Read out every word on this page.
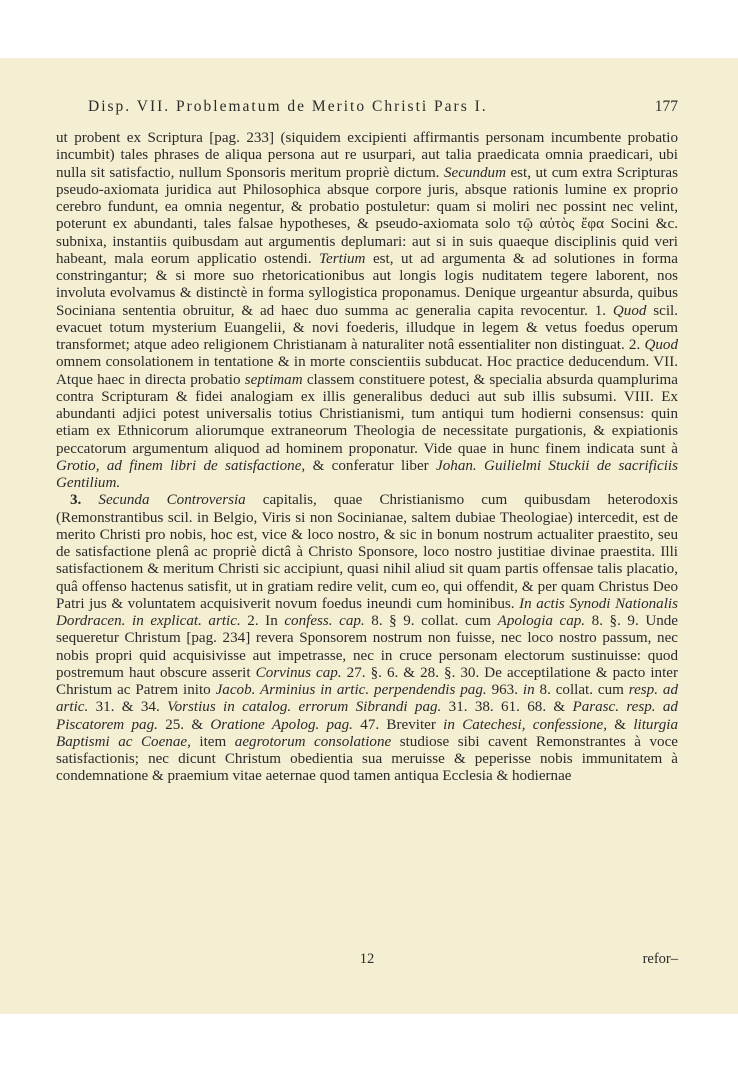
Disp. VII. Problematum de Merito Christi Pars I.	177

ut probent ex Scriptura [pag. 233] (siquidem excipienti affirmantis personam incumbente probatio incumbit) tales phrases de aliqua persona aut re usurpari, aut talia praedicata omnia praedicari, ubi nulla sit satisfactio, nullum Sponsoris meritum propriè dictum. Secundum est, ut cum extra Scripturas pseudo-axiomata juridica aut Philosophica absque corpore juris, absque rationis lumine ex proprio cerebro fundunt, ea omnia negentur, & probatio postuletur: quam si moliri nec possint nec velint, poterunt ex abundanti, tales falsae hypotheses, & pseudo-axiomata solo τῷ αὐτὸς ἔφα Socini &c. subnixa, instantiis quibusdam aut argumentis deplumari: aut si in suis quaeque disciplinis quid veri habeant, mala eorum applicatio ostendi. Tertium est, ut ad argumenta & ad solutiones in forma constringantur; & si more suo rhetoricationibus aut longis logis nuditatem tegere laborent, nos involuta evolvamus & distinctè in forma syllogistica proponamus. Denique urgeantur absurda, quibus Sociniana sententia obruitur, & ad haec duo summa ac generalia capita revocentur. 1. Quod scil. evacuet totum mysterium Euangelii, & novi foederis, illudque in legem & vetus foedus operum transformet; atque adeo religionem Christianam à naturaliter notâ essentialiter non distinguat. 2. Quod omnem consolationem in tentatione & in morte conscientiis subducat. Hoc practice deducendum. VII. Atque haec in directa probatio septimam classem constituere potest, & specialia absurda quamplurima contra Scripturam & fidei analogiam ex illis generalibus deduci aut sub illis subsumi. VIII. Ex abundanti adjici potest universalis totius Christianismi, tum antiqui tum hodierni consensus: quin etiam ex Ethnicorum aliorumque extraneorum Theologia de necessitate purgationis, & expiationis peccatorum argumentum aliquod ad hominem proponatur. Vide quae in hunc finem indicata sunt à Grotio, ad finem libri de satisfactione, & conferatur liber Johan. Guilielmi Stuckii de sacrificiis Gentilium.

3. Secunda Controversia capitalis, quae Christianismo cum quibusdam heterodoxis (Remonstrantibus scil. in Belgio, Viris si non Socinianae, saltem dubiae Theologiae) intercedit, est de merito Christi pro nobis, hoc est, vice & loco nostro, & sic in bonum nostrum actualiter praestito, seu de satisfactione plenâ ac propriè dictâ à Christo Sponsore, loco nostro justitiae divinae praestita. Illi satisfactionem & meritum Christi sic accipiunt, quasi nihil aliud sit quam partis offensae talis placatio, quâ offenso hactenus satisfit, ut in gratiam redire velit, cum eo, qui offendit, & per quam Christus Deo Patri jus & voluntatem acquisiverit novum foedus ineundi cum hominibus. In actis Synodi Nationalis Dordracen. in explicat. artic. 2. In confess. cap. 8. § 9. collat. cum Apologia cap. 8. §. 9. Unde sequeretur Christum [pag. 234] revera Sponsorem nostrum non fuisse, nec loco nostro passum, nec nobis propri quid acquisivisse aut impetrasse, nec in cruce personam electorum sustinuisse: quod postremum haut obscure asserit Corvinus cap. 27. §. 6. & 28. §. 30. De acceptilatione & pacto inter Christum ac Patrem inito Jacob. Arminius in artic. perpendendis pag. 963. in 8. collat. cum resp. ad artic. 31. & 34. Vorstius in catalog. errorum Sibrandi pag. 31. 38. 61. 68. & Parasc. resp. ad Piscatorem pag. 25. & Oratione Apolog. pag. 47. Breviter in Catechesi, confessione, & liturgia Baptismi ac Coenae, item aegrotorum consolatione studiose sibi cavent Remonstrantes à voce satisfactionis; nec dicunt Christum obedientia sua meruisse & peperisse nobis immunitatem à condemnatione & praemium vitae aeternae quod tamen antiqua Ecclesia & hodiernae

12	refor–
